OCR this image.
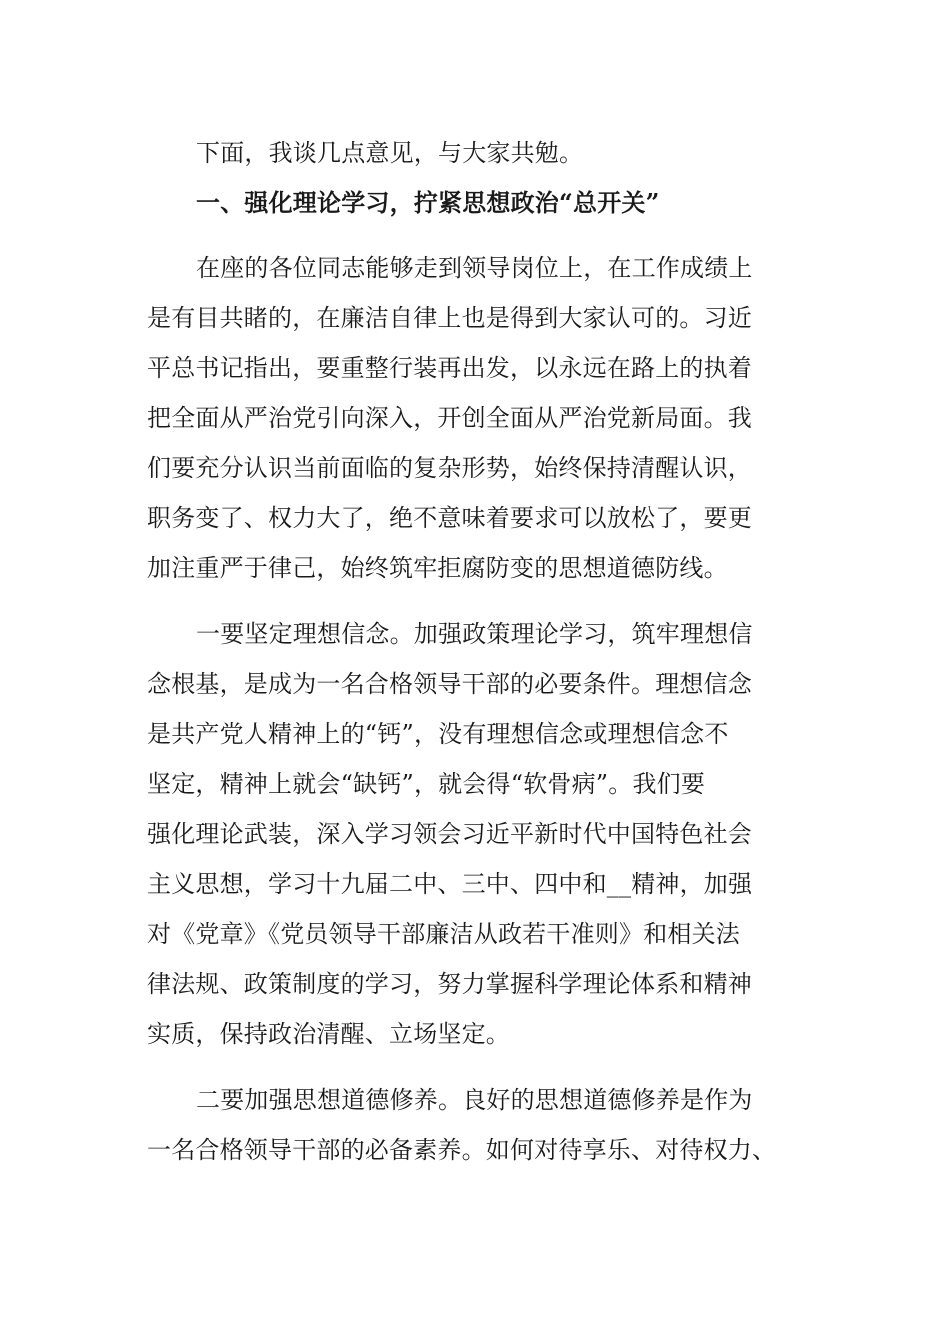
下面，我谈几点意见，与大家共勉。
一、强化理论学习，拧紧思想政治“总开关”
在座的各位同志能够走到领导岗位上，在工作成绩上
是有目共睹的，在廉洁自律上也是得到大家认可的。习近
平总书记指出，要重整行装再出发，以永远在路上的执着
把全面从严治党引向深入，开创全面从严治党新局面。我
们要充分认识当前面临的复杂形势，始终保持清醒认识，
职务变了、权力大了，绝不意味着要求可以放松了，要更
加注重严于律己，始终筑牢拒腐防变的思想道德防线。
一要坚定理想信念。加强政策理论学习，筑牢理想信
念根基，是成为一名合格领导干部的必要条件。理想信念
是共产党人精神上的“钙”，没有理想信念或理想信念不
坚定，精神上就会“缺钙”，就会得“软骨病”。我们要
强化理论武装，深入学习领会习近平新时代中国特色社会
主义思想，学习十九届二中、三中、四中和__精神，加强
对《党章》《党员领导干部廉洁从政若干准则》和相关法
律法规、政策制度的学习，努力掌握科学理论体系和精神
实质，保持政治清醒、立场坚定。
二要加强思想道德修养。良好的思想道德修养是作为
一名合格领导干部的必备素养。如何对待享乐、对待权力、
